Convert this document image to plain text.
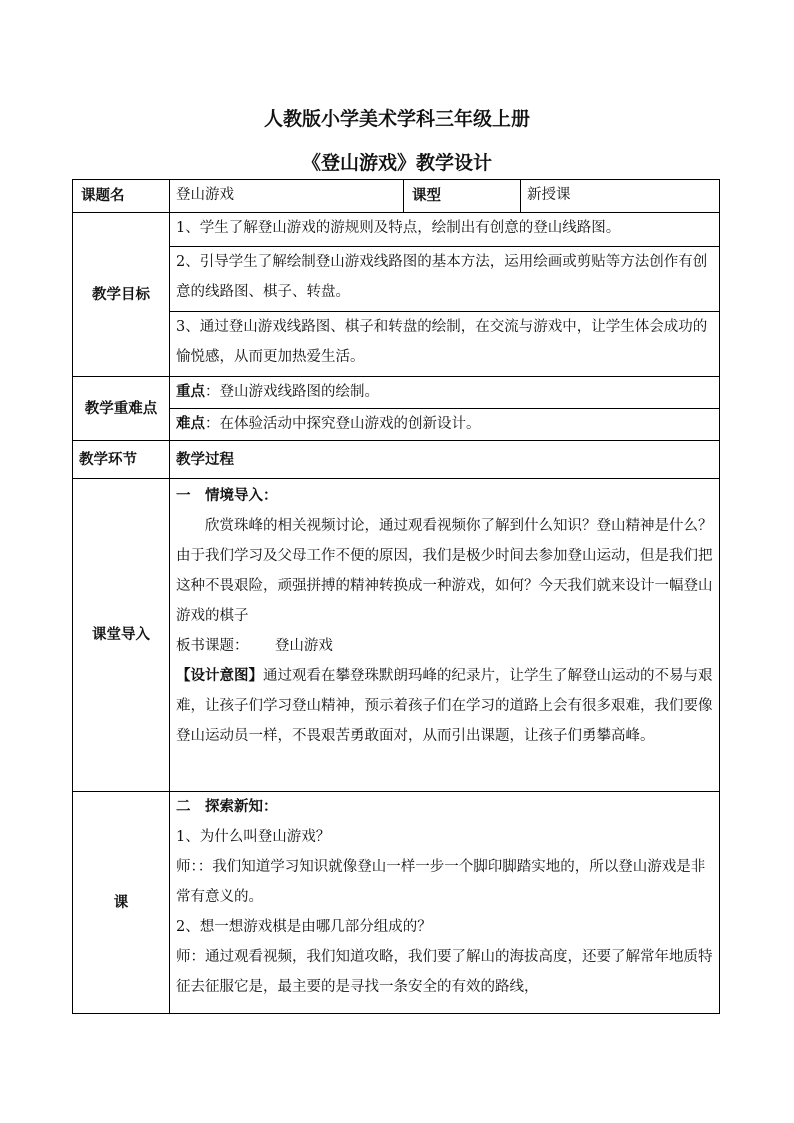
人教版小学美术学科三年级上册
《登山游戏》教学设计
课题名	登山游戏	课型	新授课
教学目标	1、学生了解登山游戏的游规则及特点，绘制出有创意的登山线路图。		
	2、引导学生了解绘制登山游戏线路图的基本方法，运用绘画或剪贴等方法创作有创意的线路图、棋子、转盘。		
	3、通过登山游戏线路图、棋子和转盘的绘制，在交流与游戏中，让学生体会成功的愉悦感，从而更加热爱生活。		
教学重难点	重点：登山游戏线路图的绘制。		
	难点：在体验活动中探究登山游戏的创新设计。		
教学环节	教学过程		
课堂导入	一　情境导入：

欣赏珠峰的相关视频讨论，通过观看视频你了解到什么知识？登山精神是什么？由于我们学习及父母工作不便的原因，我们是极少时间去参加登山运动，但是我们把这种不畏艰险，顽强拼搏的精神转换成一种游戏，如何？今天我们就来设计一幅登山游戏的棋子

板书课题：　　 登山游戏

【设计意图】通过观看在攀登珠默朗玛峰的纪录片，让学生了解登山运动的不易与艰难，让孩子们学习登山精神，预示着孩子们在学习的道路上会有很多艰难，我们要像登山运动员一样，不畏艰苦勇敢面对，从而引出课题，让孩子们勇攀高峰。		

课	二　探索新知：

1、为什么叫登山游戏？

师：：我们知道学习知识就像登山一样一步一个脚印脚踏实地的，所以登山游戏是非常有意义的。

2、想一想游戏棋是由哪几部分组成的？

师：通过观看视频，我们知道攻略，我们要了解山的海拔高度，还要了解常年地质特征去征服它是，最主要的是寻找一条安全的有效的路线，		
